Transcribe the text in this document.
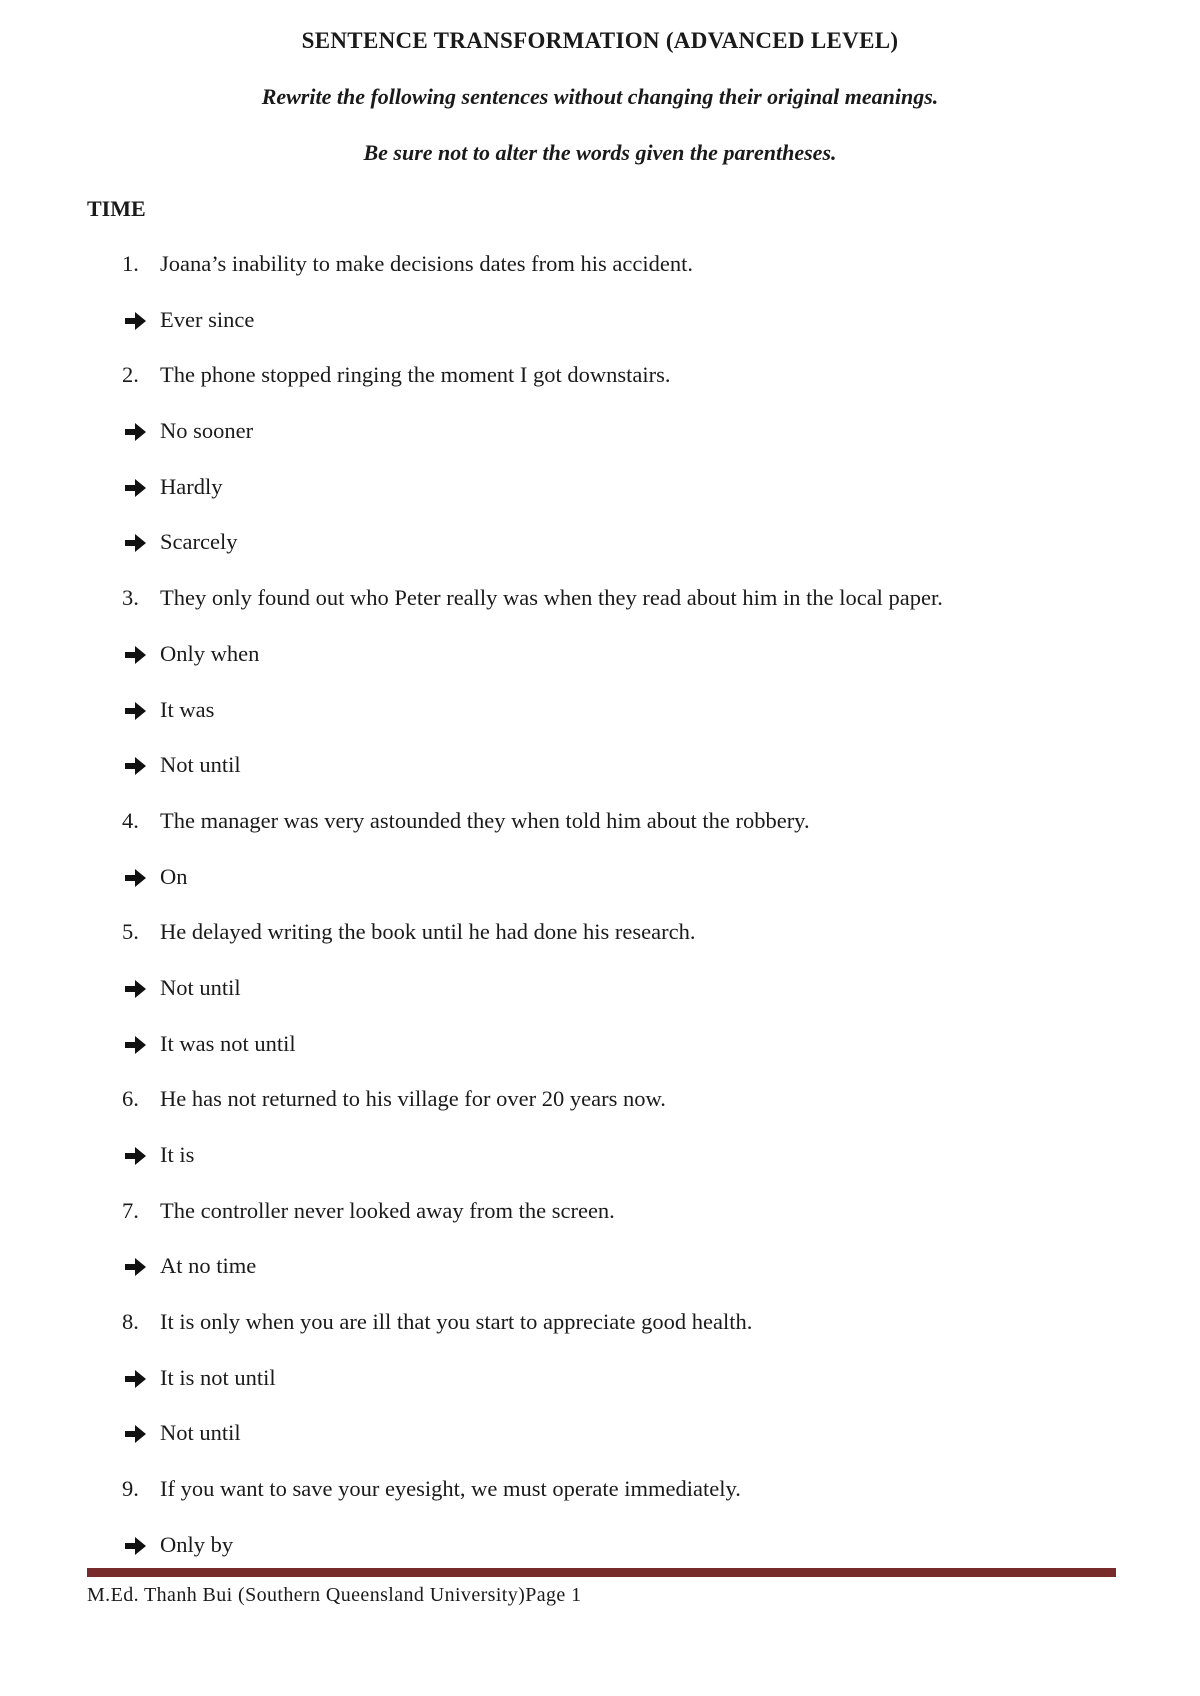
SENTENCE TRANSFORMATION (ADVANCED LEVEL)
Rewrite the following sentences without changing their original meanings.
Be sure not to alter the words given the parentheses.
TIME
1. Joana’s inability to make decisions dates from his accident.
Ever since
2. The phone stopped ringing the moment I got downstairs.
No sooner
Hardly
Scarcely
3. They only found out who Peter really was when they read about him in the local paper.
Only when
It was
Not until
4. The manager was very astounded they when told him about the robbery.
On
5. He delayed writing the book until he had done his research.
Not until
It was not until
6. He has not returned to his village for over 20 years now.
It is
7. The controller never looked away from the screen.
At no time
8. It is only when you are ill that you start to appreciate good health.
It is not until
Not until
9. If you want to save your eyesight, we must operate immediately.
Only by
M.Ed. Thanh Bui (Southern Queensland University)Page 1
